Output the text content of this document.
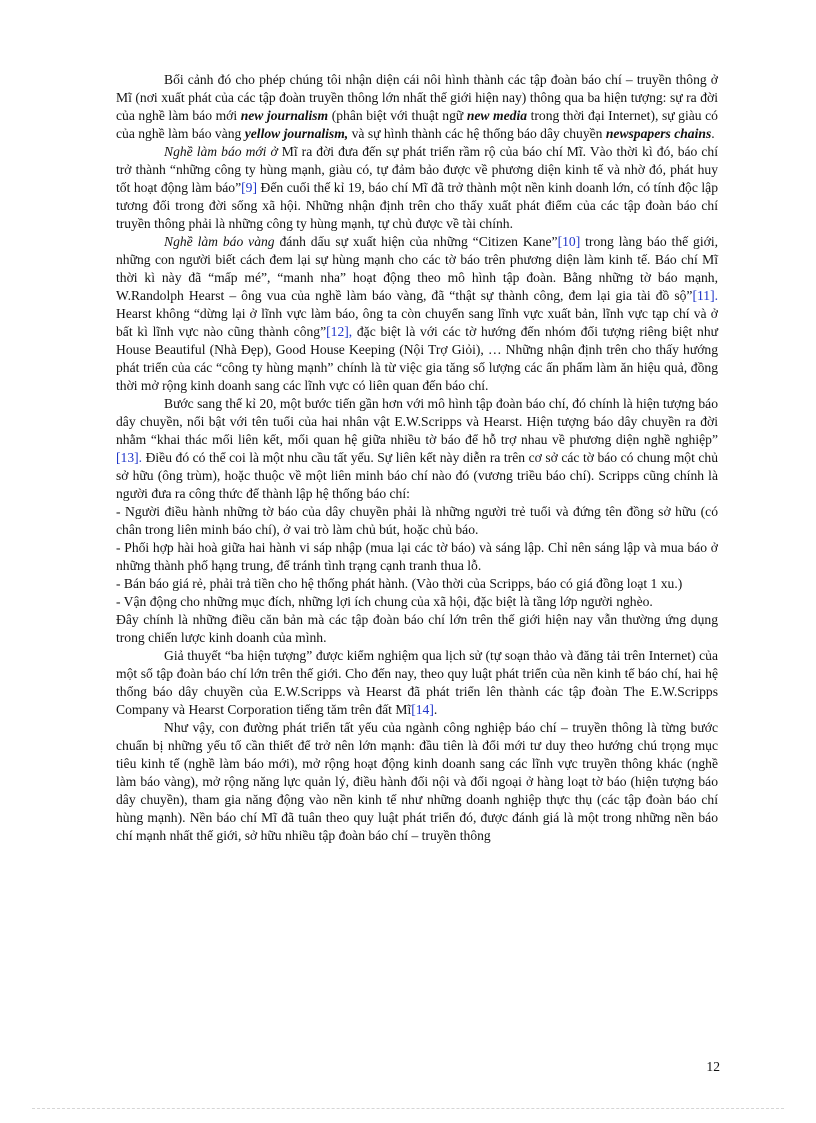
Bối cảnh đó cho phép chúng tôi nhận diện cái nôi hình thành các tập đoàn báo chí – truyền thông ở Mĩ (nơi xuất phát của các tập đoàn truyền thông lớn nhất thế giới hiện nay) thông qua ba hiện tượng: sự ra đời của nghề làm báo mới new journalism (phân biệt với thuật ngữ new media trong thời đại Internet), sự giàu có của nghề làm báo vàng yellow journalism, và sự hình thành các hệ thống báo dây chuyền newspapers chains.

Nghề làm báo mới ở Mĩ ra đời đưa đến sự phát triển rầm rộ của báo chí Mĩ. Vào thời kì đó, báo chí trở thành “những công ty hùng mạnh, giàu có, tự đảm bảo được về phương diện kinh tế và nhờ đó, phát huy tốt hoạt động làm báo”[9] Đến cuối thế kỉ 19, báo chí Mĩ đã trở thành một nền kinh doanh lớn, có tính độc lập tương đối trong đời sống xã hội. Những nhận định trên cho thấy xuất phát điểm của các tập đoàn báo chí truyền thông phải là những công ty hùng mạnh, tự chủ được về tài chính.

Nghề làm báo vàng đánh dấu sự xuất hiện của những “Citizen Kane”[10] trong làng báo thế giới, những con người biết cách đem lại sự hùng mạnh cho các tờ báo trên phương diện làm kinh tế. Báo chí Mĩ thời kì này đã “mấp mé”, “manh nha” hoạt động theo mô hình tập đoàn. Bằng những tờ báo mạnh, W.Randolph Hearst – ông vua của nghề làm báo vàng, đã “thật sự thành công, đem lại gia tài đồ sộ”[11]. Hearst không “dừng lại ở lĩnh vực làm báo, ông ta còn chuyển sang lĩnh vực xuất bản, lĩnh vực tạp chí và ở bất kì lĩnh vực nào cũng thành công”[12], đặc biệt là với các tờ hướng đến nhóm đối tượng riêng biệt như House Beautiful (Nhà Đẹp), Good House Keeping (Nội Trợ Giỏi), … Những nhận định trên cho thấy hướng phát triển của các “công ty hùng mạnh” chính là từ việc gia tăng số lượng các ấn phẩm làm ăn hiệu quả, đồng thời mở rộng kinh doanh sang các lĩnh vực có liên quan đến báo chí.

Bước sang thế kỉ 20, một bước tiến gần hơn với mô hình tập đoàn báo chí, đó chính là hiện tượng báo dây chuyền, nổi bật với tên tuổi của hai nhân vật E.W.Scripps và Hearst. Hiện tượng báo dây chuyền ra đời nhằm “khai thác mối liên kết, mối quan hệ giữa nhiều tờ báo để hỗ trợ nhau về phương diện nghề nghiệp” [13]. Điều đó có thể coi là một nhu cầu tất yếu. Sự liên kết này diễn ra trên cơ sở các tờ báo có chung một chủ sở hữu (ông trùm), hoặc thuộc về một liên minh báo chí nào đó (vương triều báo chí). Scripps cũng chính là người đưa ra công thức để thành lập hệ thống báo chí:

- Người điều hành những tờ báo của dây chuyền phải là những người trẻ tuổi và đứng tên đồng sở hữu (có chân trong liên minh báo chí), ở vai trò làm chủ bút, hoặc chủ báo.

- Phối hợp hài hoà giữa hai hành vi sáp nhập (mua lại các tờ báo) và sáng lập. Chỉ nên sáng lập và mua báo ở những thành phố hạng trung, để tránh tình trạng cạnh tranh thua lỗ.

- Bán báo giá rẻ, phải trả tiền cho hệ thống phát hành. (Vào thời của Scripps, báo có giá đồng loạt 1 xu.)

- Vận động cho những mục đích, những lợi ích chung của xã hội, đặc biệt là tầng lớp người nghèo.

Đây chính là những điều căn bản mà các tập đoàn báo chí lớn trên thế giới hiện nay vẫn thường ứng dụng trong chiến lược kinh doanh của mình.

Giả thuyết “ba hiện tượng” được kiểm nghiệm qua lịch sử (tự soạn thảo và đăng tải trên Internet) của một số tập đoàn báo chí lớn trên thế giới. Cho đến nay, theo quy luật phát triển của nền kinh tế báo chí, hai hệ thống báo dây chuyền của E.W.Scripps và Hearst đã phát triển lên thành các tập đoàn The E.W.Scripps Company và Hearst Corporation tiếng tăm trên đất Mĩ[14].

Như vậy, con đường phát triển tất yếu của ngành công nghiệp báo chí – truyền thông là từng bước chuẩn bị những yếu tố cần thiết để trở nên lớn mạnh: đầu tiên là đổi mới tư duy theo hướng chú trọng mục tiêu kinh tế (nghề làm báo mới), mở rộng hoạt động kinh doanh sang các lĩnh vực truyền thông khác (nghề làm báo vàng), mở rộng năng lực quản lý, điều hành đối nội và đối ngoại ở hàng loạt tờ báo (hiện tượng báo dây chuyền), tham gia năng động vào nền kinh tế như những doanh nghiệp thực thụ (các tập đoàn báo chí hùng mạnh). Nền báo chí Mĩ đã tuân theo quy luật phát triển đó, được đánh giá là một trong những nền báo chí mạnh nhất thế giới, sở hữu nhiều tập đoàn báo chí – truyền thông

12
